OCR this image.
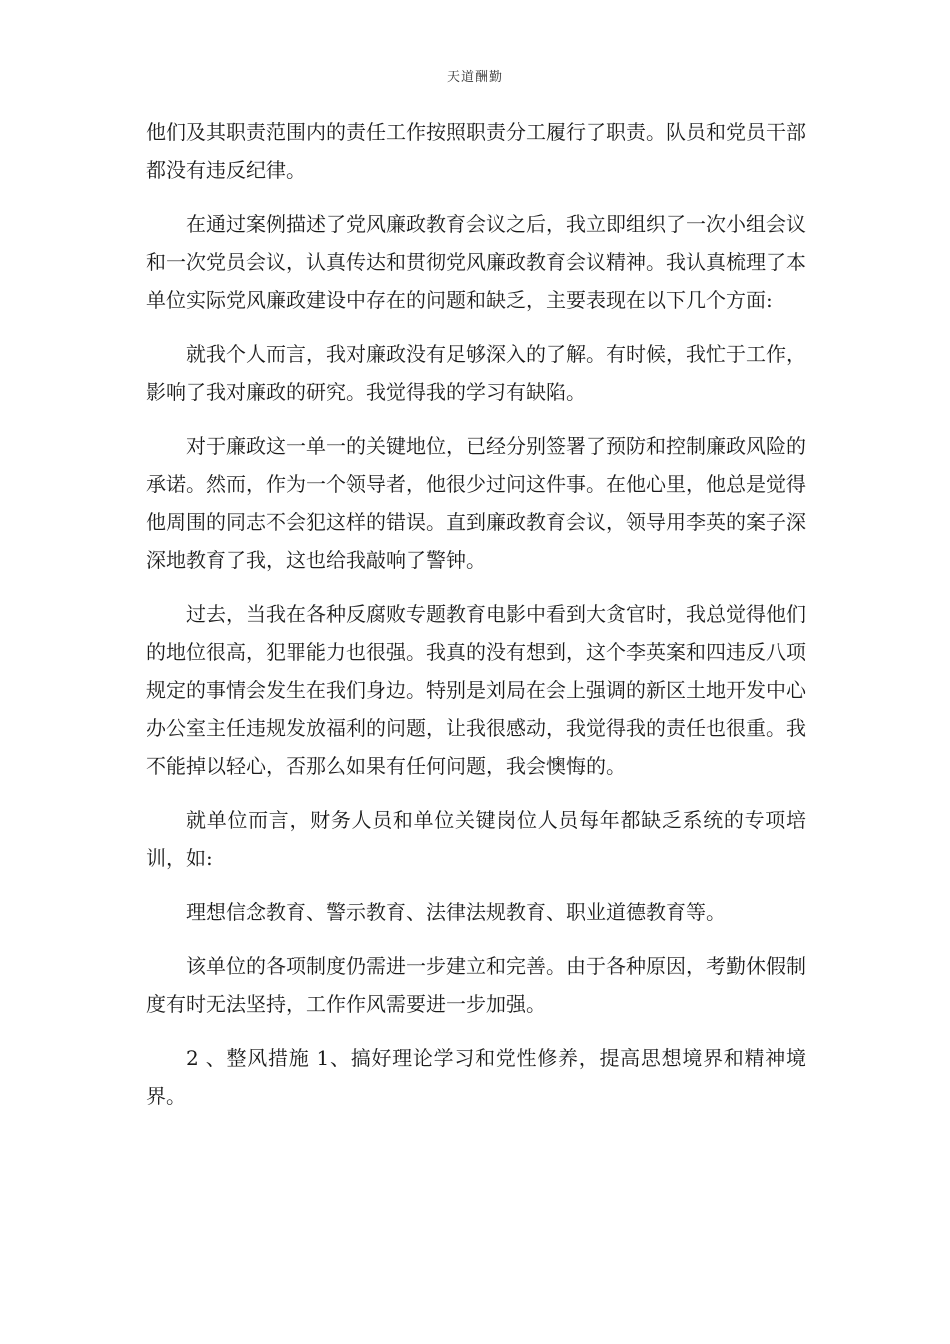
天道酬勤

他们及其职责范围内的责任工作按照职责分工履行了职责。队员和党员干部都没有违反纪律。

在通过案例描述了党风廉政教育会议之后，我立即组织了一次小组会议和一次党员会议，认真传达和贯彻党风廉政教育会议精神。我认真梳理了本单位实际党风廉政建设中存在的问题和缺乏，主要表现在以下几个方面:

就我个人而言，我对廉政没有足够深入的了解。有时候，我忙于工作，影响了我对廉政的研究。我觉得我的学习有缺陷。

对于廉政这一单一的关键地位，已经分别签署了预防和控制廉政风险的承诺。然而，作为一个领导者，他很少过问这件事。在他心里，他总是觉得他周围的同志不会犯这样的错误。直到廉政教育会议，领导用李英的案子深深地教育了我，这也给我敲响了警钟。

过去，当我在各种反腐败专题教育电影中看到大贪官时，我总觉得他们的地位很高，犯罪能力也很强。我真的没有想到，这个李英案和四违反八项规定的事情会发生在我们身边。特别是刘局在会上强调的新区土地开发中心办公室主任违规发放福利的问题，让我很感动，我觉得我的责任也很重。我不能掉以轻心，否那么如果有任何问题，我会懊悔的。

就单位而言，财务人员和单位关键岗位人员每年都缺乏系统的专项培训，如:

理想信念教育、警示教育、法律法规教育、职业道德教育等。

该单位的各项制度仍需进一步建立和完善。由于各种原因，考勤休假制度有时无法坚持，工作作风需要进一步加强。

2 、整风措施 1、搞好理论学习和党性修养，提高思想境界和精神境界。
